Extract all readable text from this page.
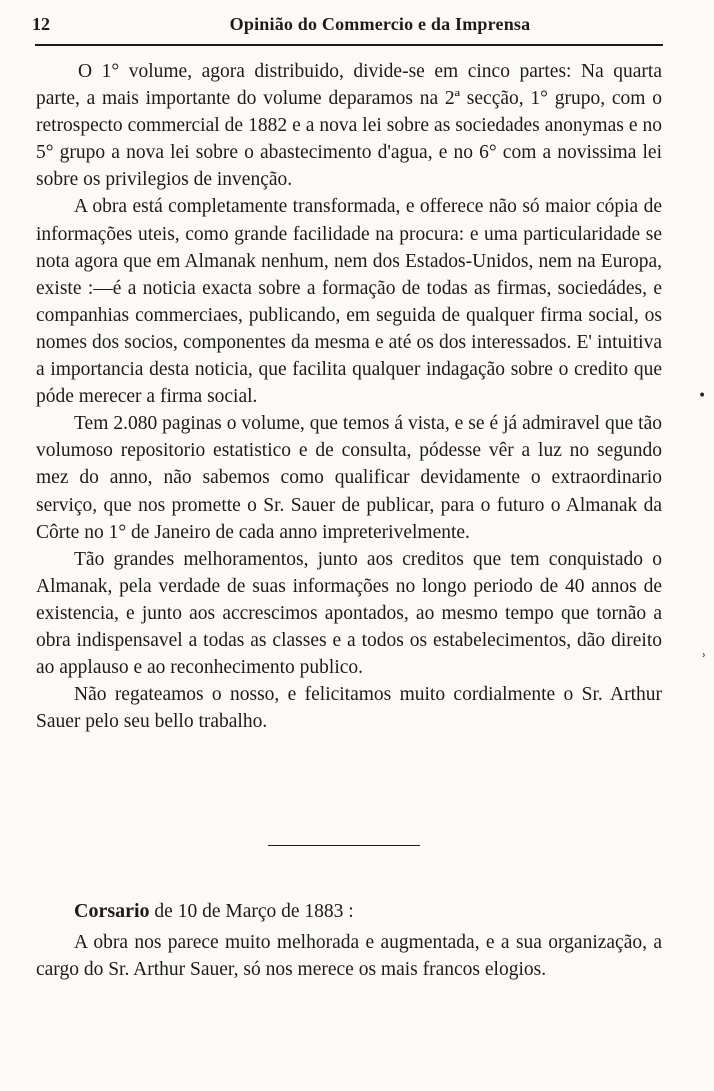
12	Opinião do Commercio e da Imprensa

O 1° volume, agora distribuido, divide-se em cinco partes: Na quarta parte, a mais importante do volume deparamos na 2ª secção, 1° grupo, com o retrospecto commercial de 1882 e a nova lei sobre as sociedades anonymas e no 5° grupo a nova lei sobre o abastecimento d'agua, e no 6° com a novissima lei sobre os privilegios de invenção.

A obra está completamente transformada, e offerece não só maior cópia de informações uteis, como grande facilidade na procura: e uma particularidade se nota agora que em Almanak nenhum, nem dos Estados-Unidos, nem na Europa, existe :—é a noticia exacta sobre a formação de todas as firmas, sociedádes, e companhias commerciaes, publicando, em seguida de qualquer firma social, os nomes dos socios, componentes da mesma e até os dos interessados. E' intuitiva a importancia desta noticia, que facilita qualquer indagação sobre o credito que póde merecer a firma social.

Tem 2.080 paginas o volume, que temos á vista, e se é já admiravel que tão volumoso repositorio estatistico e de consulta, pódesse vêr a luz no segundo mez do anno, não sabemos como qualificar devidamente o extraordinario serviço, que nos promette o Sr. Sauer de publicar, para o futuro o Almanak da Côrte no 1° de Janeiro de cada anno impreterivelmente.

Tão grandes melhoramentos, junto aos creditos que tem conquistado o Almanak, pela verdade de suas informações no longo periodo de 40 annos de existencia, e junto aos accrescimos apontados, ao mesmo tempo que tornão a obra indispensavel a todas as classes e a todos os estabelecimentos, dão direito ao applauso e ao reconhecimento publico.

Não regateamos o nosso, e felicitamos muito cordialmente o Sr. Arthur Sauer pelo seu bello trabalho.

Corsario de 10 de Março de 1883 :

A obra nos parece muito melhorada e augmentada, e a sua organização, a cargo do Sr. Arthur Sauer, só nos merece os mais francos elogios.

•
ʾ
